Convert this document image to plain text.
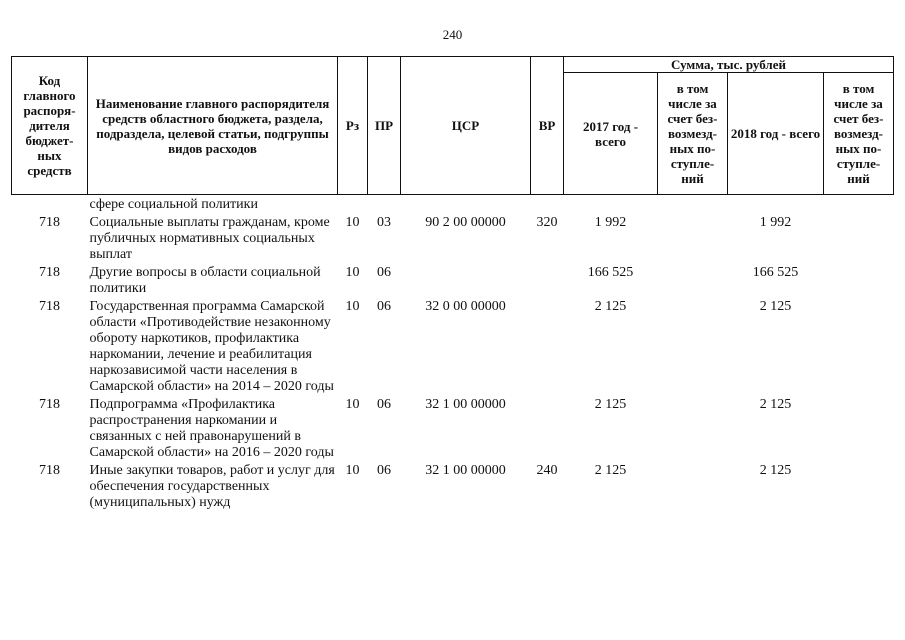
240
Код главного распоря-дителя бюджет-ных средств	Наименование главного распорядителя средств областного бюджета, раздела, подраздела, целевой статьи, подгруппы видов расходов	Рз	ПР	ЦСР	ВР	Сумма, тыс. рублей			
						2017 год - всего	в том числе за счет без-возмезд-ных по-ступле-ний	2018 год - всего	в том числе за счет без-возмезд-ных по-ступле-ний
	сфере социальной политики								
718	Социальные выплаты гражданам, кроме публичных нормативных социальных выплат	10	03	90 2 00 00000	320	1 992		1 992	
718	Другие вопросы в области социальной политики	10	06			166 525		166 525	
718	Государственная программа Самарской области «Противодействие незаконному обороту наркотиков, профилактика наркомании, лечение и реабилитация наркозависимой части населения в Самарской области» на 2014 – 2020 годы	10	06	32 0 00 00000		2 125		2 125	
718	Подпрограмма «Профилактика распространения наркомании и связанных с ней правонарушений в Самарской области» на 2016 – 2020 годы	10	06	32 1 00 00000		2 125		2 125	
718	Иные закупки товаров, работ и услуг для обеспечения государственных (муниципальных) нужд	10	06	32 1 00 00000	240	2 125		2 125	
